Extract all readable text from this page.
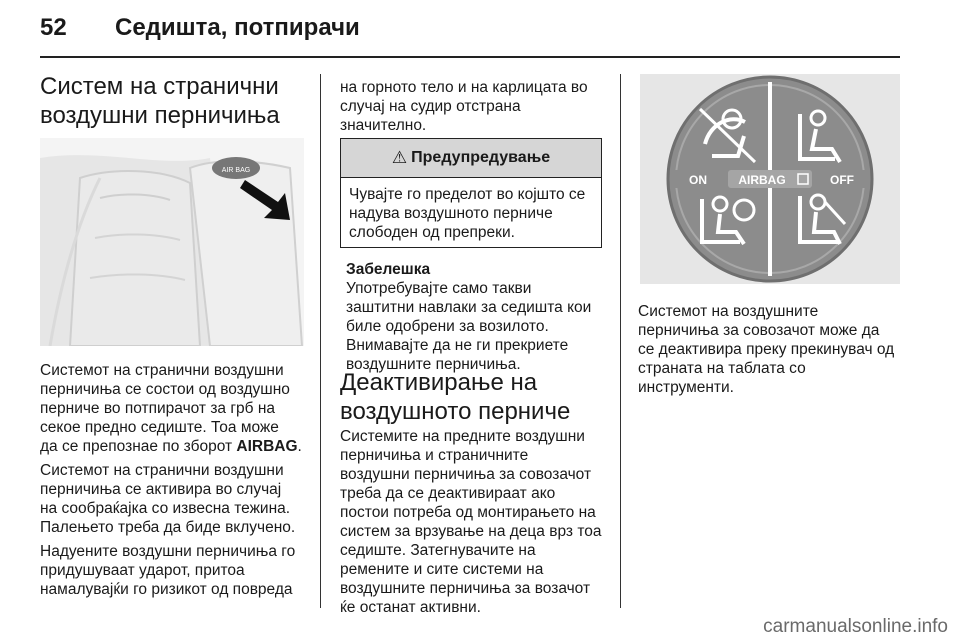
52 Седишта, потпирачи
Систем на странични
воздушни перничиња
AIR BAG

Системот на странични воздушни
перничиња се состои од воздушно
перниче во потпирачот за грб на
секое предно седиште. Тоа може
да се препознае по зборот AIRBAG.

Системот на странични воздушни
перничиња се активира во случај
на сообраќајка со извесна тежина.
Палењето треба да биде вклучено.

Надуените воздушни перничиња го
придушуваат ударот, притоа
намалувајќи го ризикот од повреда

на горното тело и на карлицата во
случај на судир отстрана
значително.
⚠ Предупредување
Чувајте го пределот во којшто се
надува воздушното перниче
слободен од препреки.
Забелешка
Употребувајте само такви
заштитни навлаки за седишта кои
биле одобрени за возилото.
Внимавајте да не ги прекриете
воздушните перничиња.
Деактивирање на
воздушното перниче
Системите на предните воздушни
перничиња и страничните
воздушни перничиња за совозачот
треба да се деактивираат ако
постои потреба од монтирањето на
систем за врзување на деца врз тоа
седиште. Затегнувачите на
ремените и сите системи на
воздушните перничиња за возачот
ќе останат активни.
ON	AIRBAG	OFF
Системот на воздушните
перничиња за совозачот може да
се деактивира преку прекинувач од
страната на таблата со
инструменти.
carmanualsonline.info
